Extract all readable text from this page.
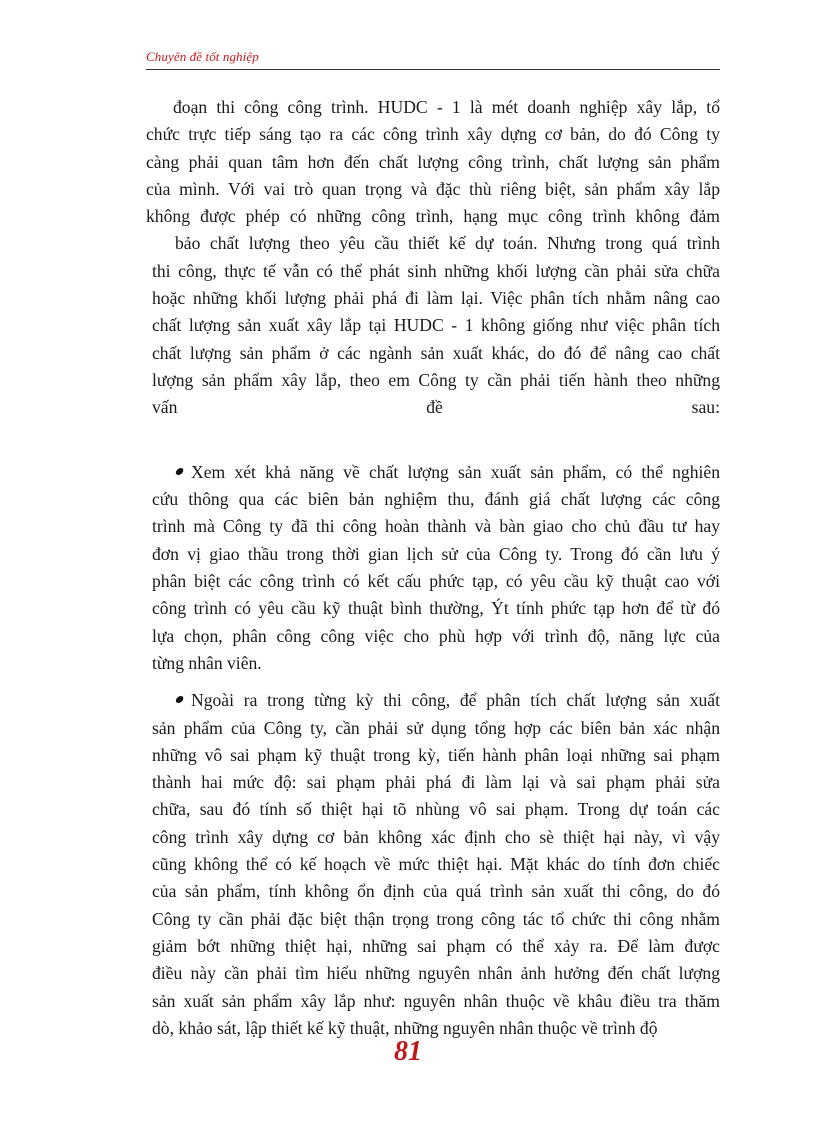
Chuyên đề tốt nghiệp
đoạn thi công công trình. HUDC - 1 là mét doanh nghiệp xây lắp, tổ
chức trực tiếp sáng tạo ra các công trình xây dựng cơ bản, do đó Công ty
càng phải quan tâm hơn đến chất lượng công trình, chất lượng sản phẩm
của mình. Với vai trò quan trọng và đặc thù riêng biệt, sản phẩm xây lắp
không được phép có những công trình, hạng mục công trình không đảm
bảo chất lượng theo yêu cầu thiết kế dự toán. Nhưng trong quá trình
thi công, thực tế vẫn có thể phát sinh những khối lượng cần phải sửa chữa
hoặc những khối lượng phải phá đi làm lại. Việc phân tích nhằm nâng cao
chất lượng sản xuất xây lắp tại HUDC - 1 không giống như việc phân tích
chất lượng sản phẩm ở các ngành sản xuất khác, do đó để nâng cao chất
lượng sản phẩm xây lắp, theo em Công ty cần phải tiến hành theo những
vấn đề sau:
Xem xét khả năng về chất lượng sản xuất sản phẩm, có thể nghiên
cứu thông qua các biên bản nghiệm thu, đánh giá chất lượng các công
trình mà Công ty đã thi công hoàn thành và bàn giao cho chủ đầu tư hay
đơn vị giao thầu trong thời gian lịch sử của Công ty. Trong đó cần lưu ý
phân biệt các công trình có kết cấu phức tạp, có yêu cầu kỹ thuật cao với
công trình có yêu cầu kỹ thuật bình thường, Ýt tính phức tạp hơn để từ đó
lựa chọn, phân công công việc cho phù hợp với trình độ, năng lực của
từng nhân viên.
Ngoài ra trong từng kỳ thi công, để phân tích chất lượng sản xuất
sản phẩm của Công ty, cần phải sử dụng tổng hợp các biên bản xác nhận
những vô sai phạm kỹ thuật trong kỳ, tiến hành phân loại những sai phạm
thành hai mức độ: sai phạm phải phá đi làm lại và sai phạm phải sửa
chữa, sau đó tính số thiệt hại tõ nhùng vô sai phạm. Trong dự toán các
công trình xây dựng cơ bản không xác định cho sè thiệt hại này, vì vậy
cũng không thể có kế hoạch về mức thiệt hại. Mặt khác do tính đơn chiếc
của sản phẩm, tính không ổn định của quá trình sản xuất thi công, do đó
Công ty cần phải đặc biệt thận trọng trong công tác tổ chức thi công nhằm
giảm bớt những thiệt hại, những sai phạm có thể xảy ra. Để làm được
điều này cần phải tìm hiểu những nguyên nhân ảnh hưởng đến chất lượng
sản xuất sản phẩm xây lắp như: nguyên nhân thuộc về khâu điều tra thăm
dò, khảo sát, lập thiết kế kỹ thuật, những nguyên nhân thuộc về trình độ
81
